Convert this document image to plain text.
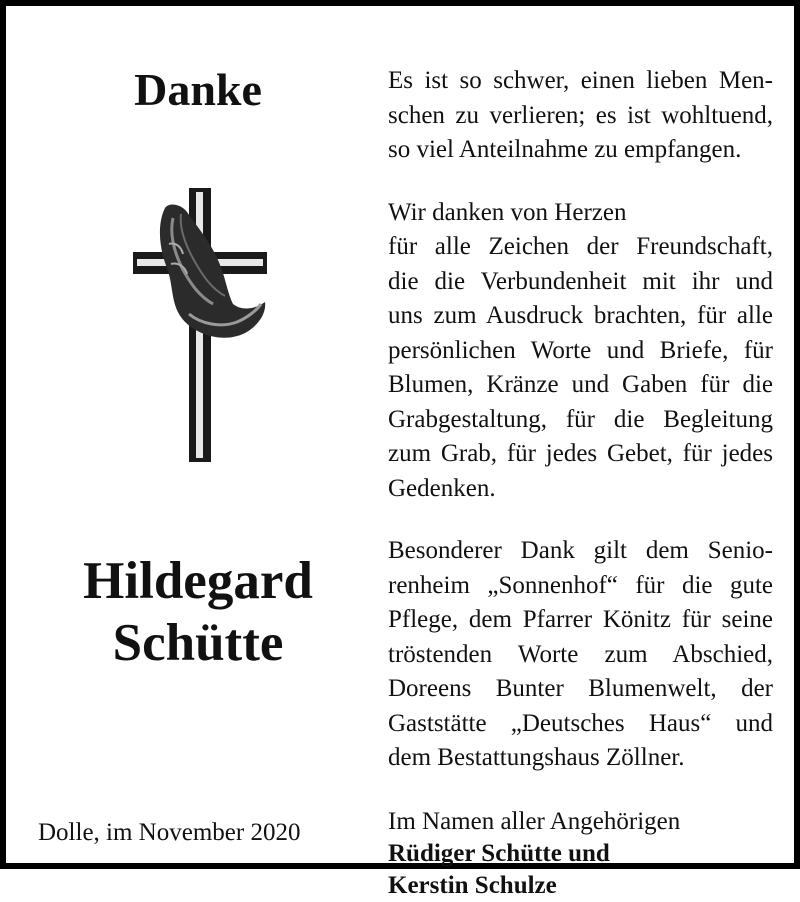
Danke
Hildegard
Schütte
Dolle, im November 2020
Es ist so schwer, einen lieben Men-
schen zu verlieren; es ist wohltuend,
so viel Anteilnahme zu empfangen.
Wir danken von Herzen
für alle Zeichen der Freundschaft,
die die Verbundenheit mit ihr und
uns zum Ausdruck brachten, für alle
persönlichen Worte und Briefe, für
Blumen, Kränze und Gaben für die
Grabgestaltung, für die Begleitung
zum Grab, für jedes Gebet, für jedes
Gedenken.
Besonderer Dank gilt dem Senio-
renheim „Sonnenhof“ für die gute
Pflege, dem Pfarrer Könitz für seine
tröstenden Worte zum Abschied,
Doreens Bunter Blumenwelt, der
Gaststätte „Deutsches Haus“ und
dem Bestattungshaus Zöllner.
Im Namen aller Angehörigen
Rüdiger Schütte und
Kerstin Schulze
